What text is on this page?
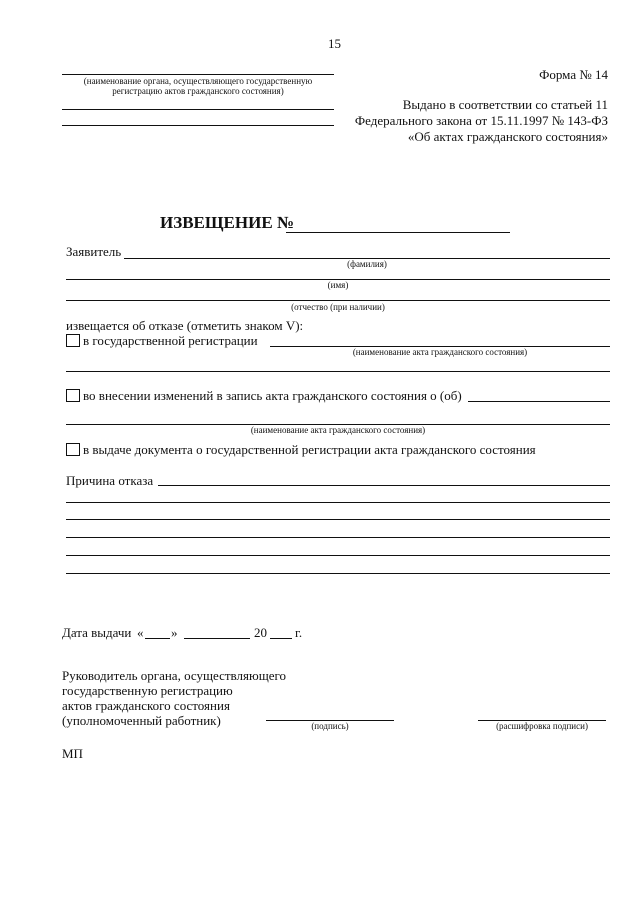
15
(наименование органа, осуществляющего государственную
регистрацию актов гражданского состояния)
Форма № 14
Выдано в соответствии со статьей 11
Федерального закона от 15.11.1997 № 143-ФЗ
«Об актах гражданского состояния»
ИЗВЕЩЕНИЕ №
Заявитель
(фамилия)
(имя)
(отчество (при наличии)
извещается об отказе (отметить знаком V):
в государственной регистрации
(наименование акта гражданского состояния)
во внесении изменений в запись акта гражданского состояния о (об)
(наименование акта гражданского состояния)
в выдаче документа о государственной регистрации акта гражданского состояния
Причина отказа
Дата выдачи « »	20 г.
Руководитель органа, осуществляющего
государственную регистрацию
актов гражданского состояния
(уполномоченный работник)	(подпись)	(расшифровка подписи)
МП
